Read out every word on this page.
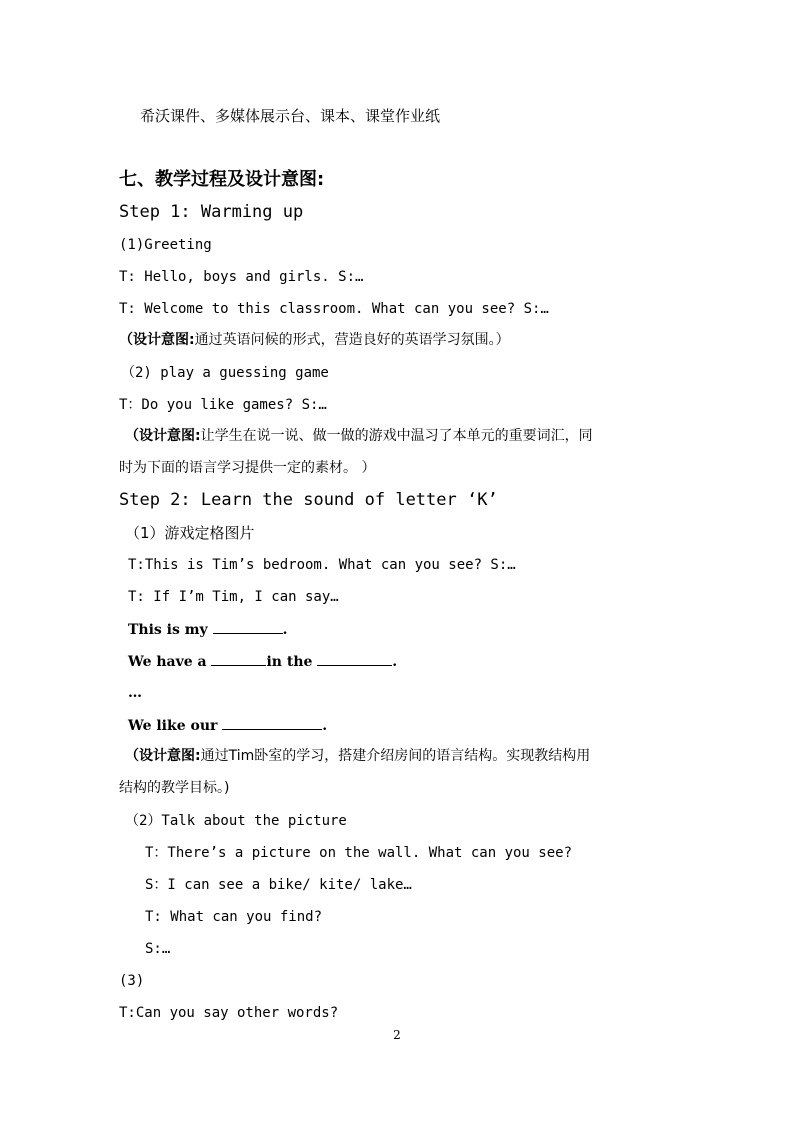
希沃课件、多媒体展示台、课本、课堂作业纸
七、教学过程及设计意图:
Step 1: Warming up
(1)Greeting
T: Hello, boys and girls. S:…
T: Welcome to this classroom. What can you see? S:…
（设计意图:通过英语问候的形式，营造良好的英语学习氛围。）
（2) play a guessing game
T：Do you like games? S:…
（设计意图:让学生在说一说、做一做的游戏中温习了本单元的重要词汇，同
时为下面的语言学习提供一定的素材。 ）
Step 2: Learn the sound of letter ‘K’
（1）游戏定格图片
T:This is Tim’s bedroom. What can you see? S:…
T: If I’m Tim, I can say…
This is my	.
We have a	in the	.
…
We like our	.
（设计意图:通过Tim卧室的学习，搭建介绍房间的语言结构。实现教结构用
结构的教学目标。)
（2）Talk about the picture
T：There’s a picture on the wall. What can you see?
S：I can see a bike/ kite/ lake…
T: What can you find?
S:…
(3)
T:Can you say other words?
2
